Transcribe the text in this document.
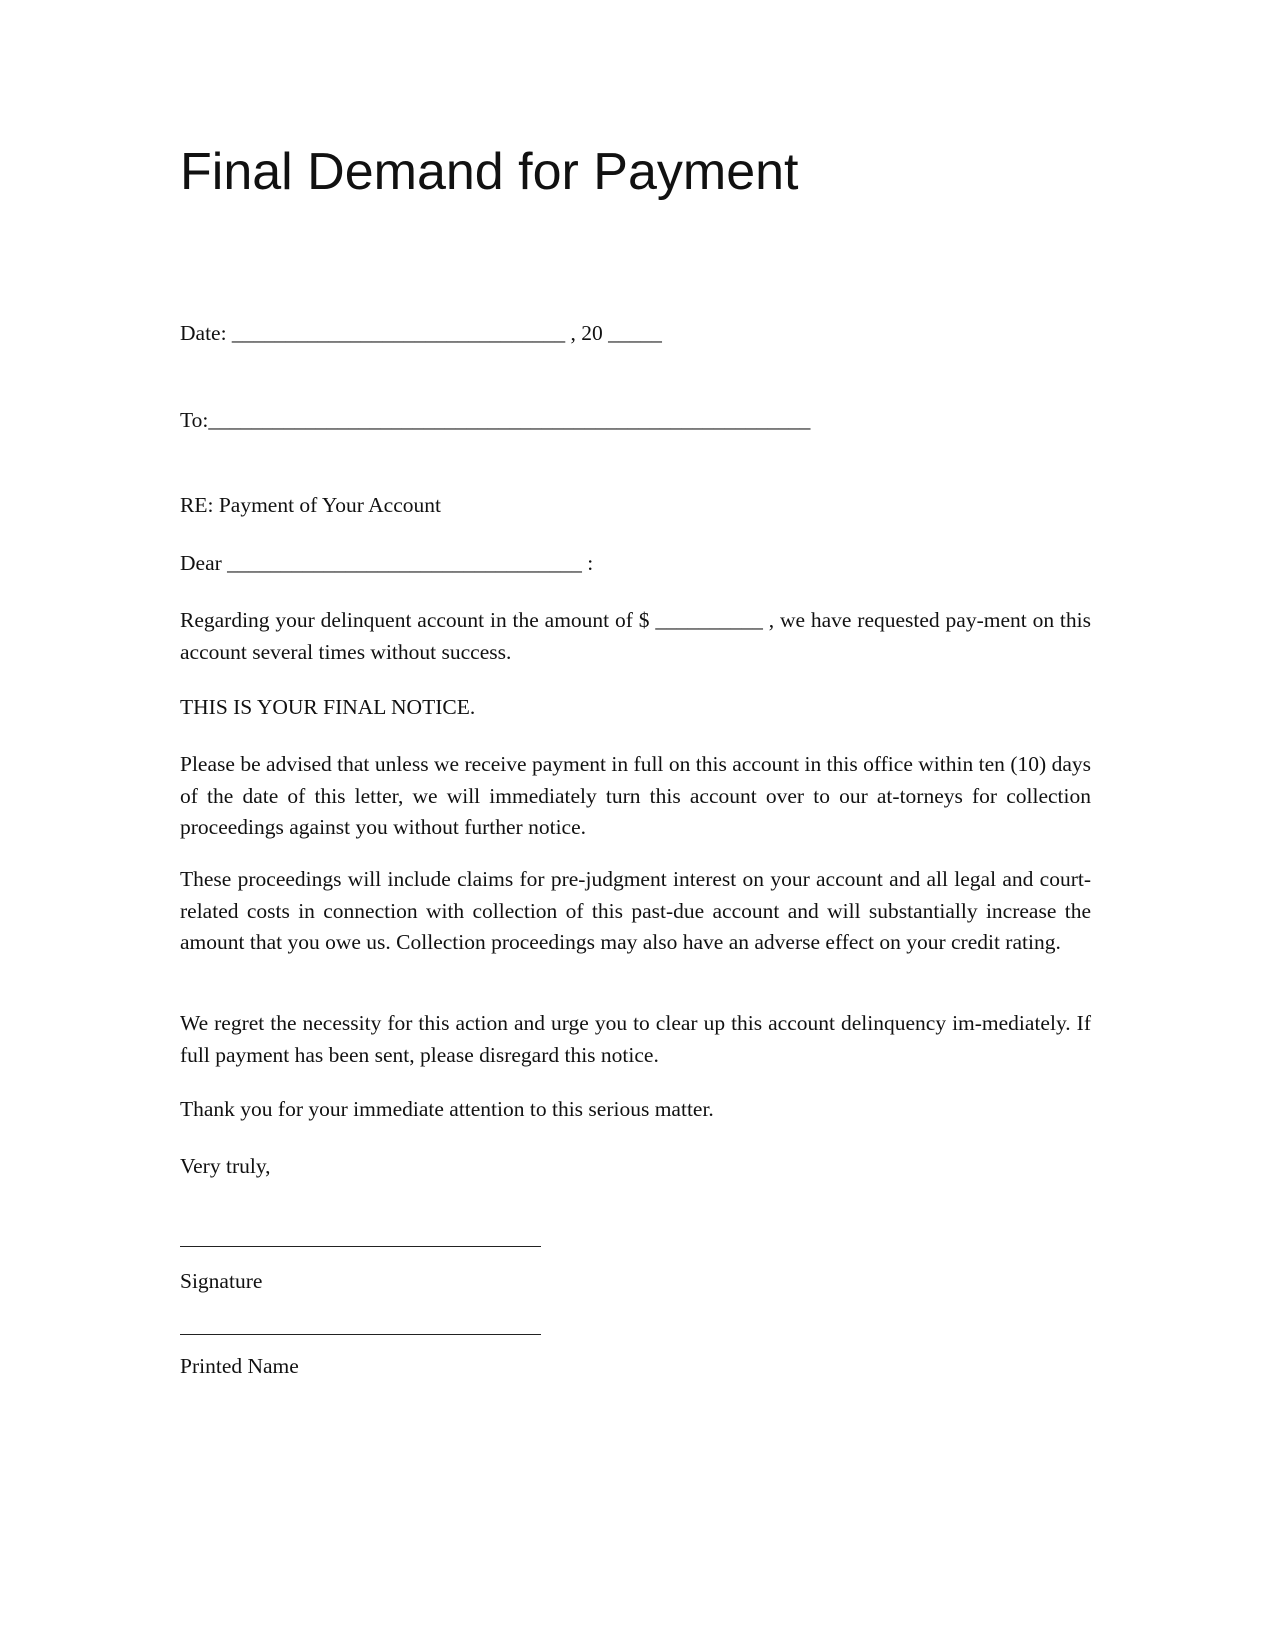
Final Demand for Payment

Date: _______________________________ , 20 _____

To:________________________________________________________

RE: Payment of Your Account

Dear _________________________________ :

Regarding your delinquent account in the amount of $ __________ , we have requested pay-ment on this account several times without success.

THIS IS YOUR FINAL NOTICE.

Please be advised that unless we receive payment in full on this account in this office within ten (10) days of the date of this letter, we will immediately turn this account over to our at-torneys for collection proceedings against you without further notice.

These proceedings will include claims for pre-judgment interest on your account and all legal and court-related costs in connection with collection of this past-due account and will substantially increase the amount that you owe us. Collection proceedings may also have an adverse effect on your credit rating.

We regret the necessity for this action and urge you to clear up this account delinquency im-mediately. If full payment has been sent, please disregard this notice.

Thank you for your immediate attention to this serious matter.

Very truly,

Signature

Printed Name
